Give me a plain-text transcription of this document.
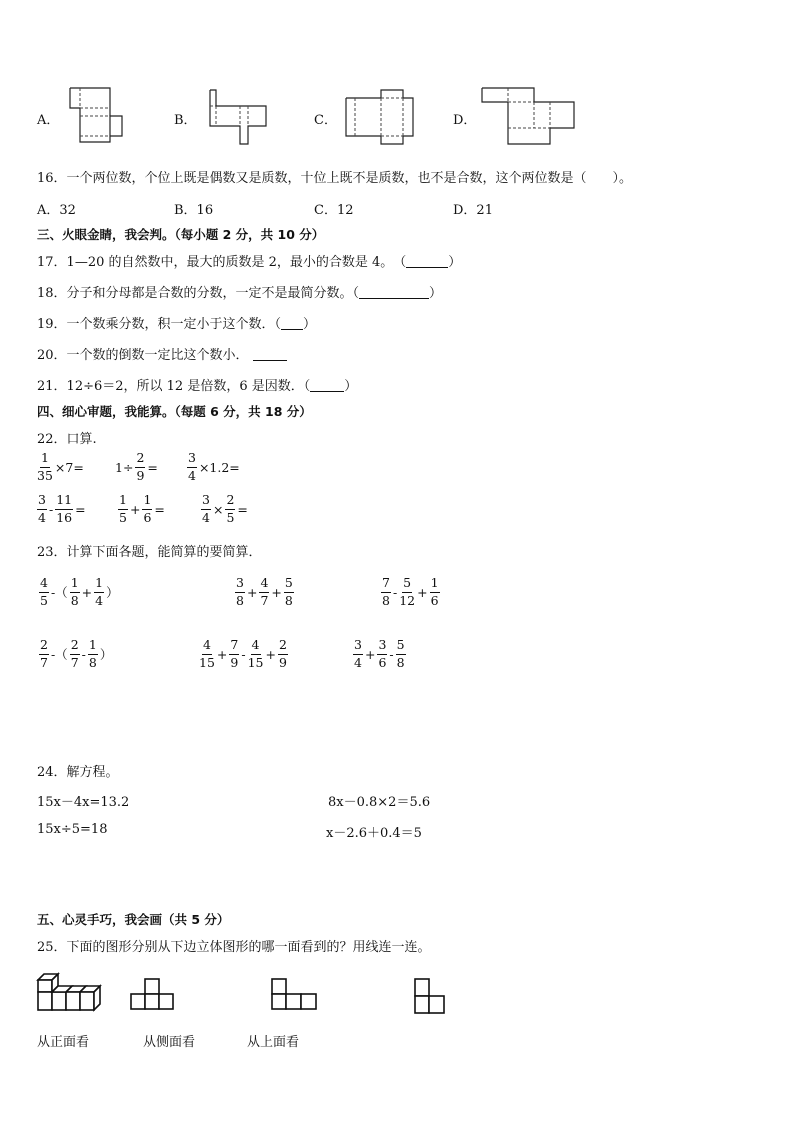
A．	B．	C．	D．
16．一个两位数，个位上既是偶数又是质数，十位上既不是质数，也不是合数，这个两位数是（　　）。
A．32	B．16	C．12	D．21
三、火眼金睛，我会判。（每小题 2 分，共 10 分）
17．1—20 的自然数中，最大的质数是 2，最小的合数是 4。　（	）
18．分子和分母都是合数的分数，一定不是最简分数。（	）
19．一个数乘分数，积一定小于这个数．（ ）
20．一个数的倒数一定比这个数小．
21．12÷6＝2，所以 12 是倍数，6 是因数．（	）
四、细心审题，我能算。（每题 6 分，共 18 分）
22．口算.
$\frac{1}{35} \times 7= 1\div \frac{2}{9} = \frac{3}{4} \times 1.2=$
$\frac{3}{4} - \frac{11}{16}$ =	$\frac{1}{5} + \frac{1}{6}$ =	$\frac{3}{4} \times \frac{2}{5}$ =
23．计算下面各题，能简算的要简算．
$\frac{4}{5}$ -（ $\frac{1}{8} + \frac{1}{4}$ ）	$\frac{3}{8} + \frac{4}{7} + \frac{5}{8}$	$\frac{7}{8} - \frac{5}{12} + \frac{1}{6}$
$\frac{2}{7}$ -（ $\frac{2}{7} - \frac{1}{8}$ ）	$\frac{4}{15} + \frac{7}{9} - \frac{4}{15} + \frac{2}{9}$	$\frac{3}{4} + \frac{3}{6} - \frac{5}{8}$
24．解方程。
15x－4x=13.2	8x－0.8×2＝5.6
15x÷5=18	x－2.6＋0.4＝5
五、心灵手巧，我会画（共 5 分）
25．下面的图形分别从下边立体图形的哪一面看到的？用线连一连。
从正面看	从侧面看	从上面看
